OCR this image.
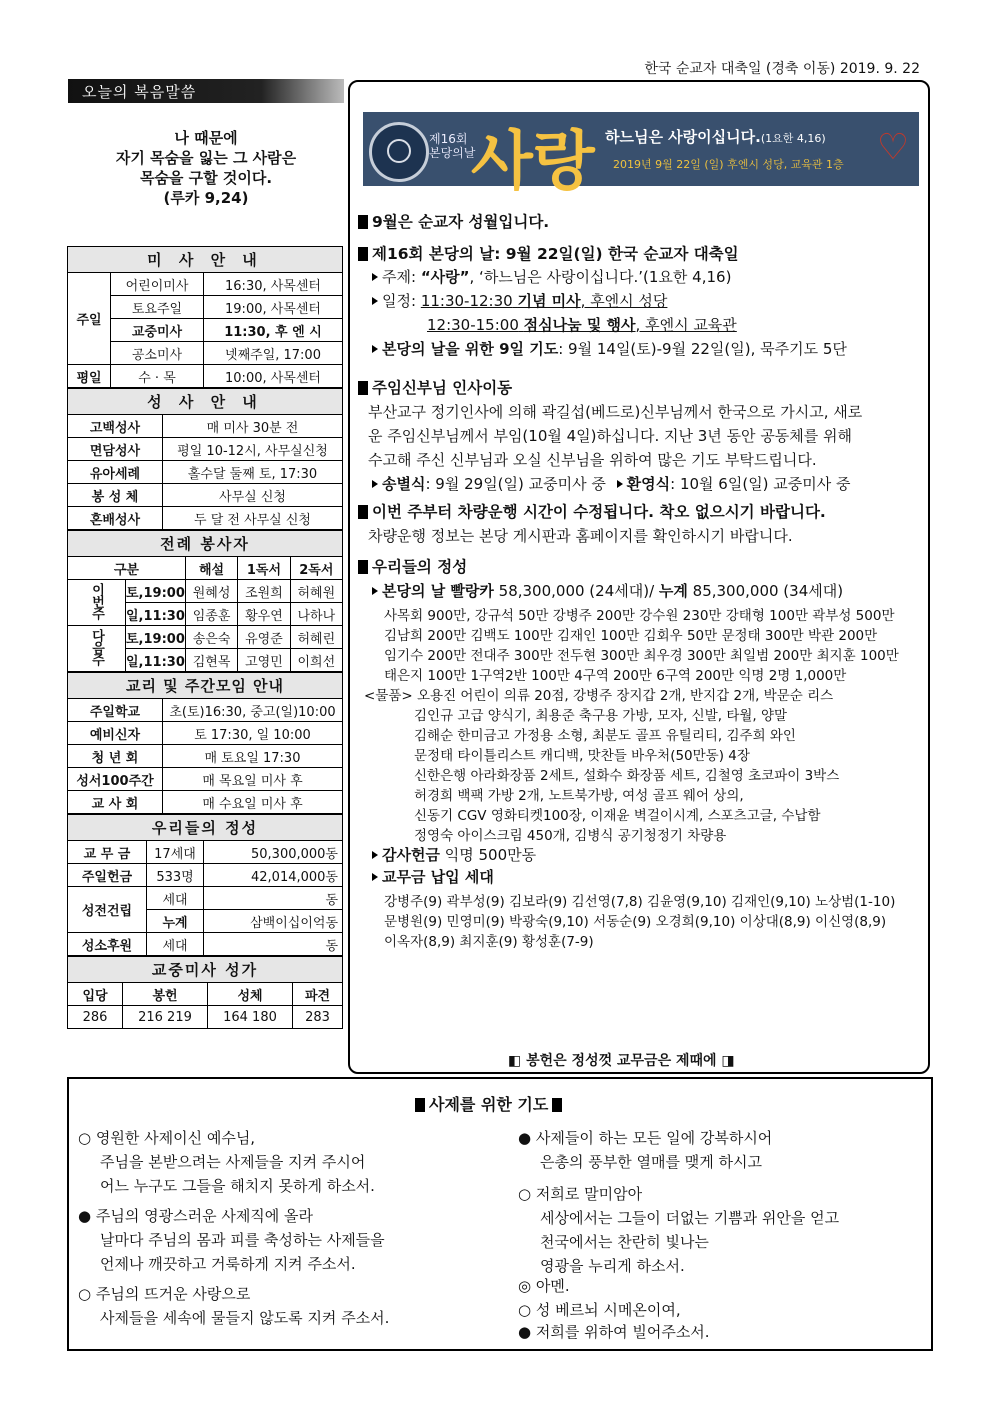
한국 순교자 대축일 (경축 이동) 2019. 9. 22
오늘의 복음말씀
나 때문에
자기 목숨을 잃는 그 사람은
목숨을 구할 것이다.
(루카 9,24)
미 사 안 내		
주일	어린이미사	16:30, 사목센터
	토요주일	19:00, 사목센터
	교중미사	11:30, 후 엔 시
	공소미사	넷째주일, 17:00
평일	수 · 목	10:00, 사목센터
성 사 안 내	
고백성사	매 미사 30분 전
면담성사	평일 10-12시, 사무실신청
유아세례	홀수달 둘째 토, 17:30
봉 성 체	사무실 신청
혼배성사	두 달 전 사무실 신청
전례 봉사자				
구분		해설	1독서	2독서
이번주	토,19:00	원혜성	조원희	허혜원
	일,11:30	임종훈	황우연	나하나
다음주	토,19:00	송은숙	유영준	허혜린
	일,11:30	김현목	고영민	이희선
교리 및 주간모임 안내	
주일학교	초(토)16:30, 중고(일)10:00
예비신자	토 17:30, 일 10:00
청 년 회	매 토요일 17:30
성서100주간	매 목요일 미사 후
교 사 회	매 수요일 미사 후
우리들의 정성		
교 무 금	17세대	50,300,000동
주일헌금	533명	42,014,000동
성전건립	세대	동
	누계	삼백이십이억동
성소후원	세대	동
교중미사 성가			
입당	봉헌	성체	파견
286	216 219	164 180	283
제16회
본당의날
사랑 하느님은 사랑이십니다.(1요한 4,16)
2019년 9월 22일 (일) 후엔시 성당, 교육관 1층 ♡
9월은 순교자 성월입니다.
제16회 본당의 날: 9월 22일(일) 한국 순교자 대축일
주제: “사랑”, ‘하느님은 사랑이십니다.’(1요한 4,16)
일정: 11:30-12:30 기념 미사, 후엔시 성당
12:30-15:00 점심나눔 및 행사, 후엔시 교육관
본당의 날을 위한 9일 기도: 9월 14일(토)-9월 22일(일), 묵주기도 5단
주임신부님 인사이동
부산교구 정기인사에 의해 곽길섭(베드로)신부님께서 한국으로 가시고, 새로
운 주임신부님께서 부임(10월 4일)하십니다. 지난 3년 동안 공동체를 위해
수고해 주신 신부님과 오실 신부님을 위하여 많은 기도 부탁드립니다.
송별식: 9월 29일(일) 교중미사 중 환영식: 10월 6일(일) 교중미사 중
이번 주부터 차량운행 시간이 수정됩니다. 착오 없으시기 바랍니다.
차량운행 정보는 본당 게시판과 홈페이지를 확인하시기 바랍니다.
우리들의 정성
본당의 날 빨랑카 58,300,000 (24세대)/ 누계 85,300,000 (34세대)
사목회 900만, 강규석 50만 강병주 200만 강수원 230만 강태형 100만 곽부성 500만
김남희 200만 김백도 100만 김재인 100만 김회우 50만 문정태 300만 박관 200만
임기수 200만 전대주 300만 전두현 300만 최우경 300만 최일범 200만 최지훈 100만
태은지 100만 1구역2반 100만 4구역 200만 6구역 200만 익명 2명 1,000만
<물품> 오용진 어린이 의류 20점, 강병주 장지갑 2개, 반지갑 2개, 박문순 리스
김인규 고급 양식기, 최용준 축구용 가방, 모자, 신발, 타월, 양말
김해순 한미금고 가정용 소형, 최분도 골프 유틸리티, 김주희 와인
문정태 타이틀리스트 캐디백, 맛찬들 바우처(50만동) 4장
신한은행 아라화장품 2세트, 설화수 화장품 세트, 김철영 초코파이 3박스
허경희 백팩 가방 2개, 노트북가방, 여성 골프 웨어 상의,
신동기 CGV 영화티켓100장, 이재윤 벽걸이시계, 스포츠고글, 수납함
정영숙 아이스크림 450개, 김병식 공기청정기 차량용
감사헌금 익명 500만동
교무금 납입 세대
강병주(9) 곽부성(9) 김보라(9) 김선영(7,8) 김윤영(9,10) 김재인(9,10) 노상범(1-10)
문병원(9) 민영미(9) 박광숙(9,10) 서동순(9) 오경희(9,10) 이상대(8,9) 이신영(8,9)
이옥자(8,9) 최지훈(9) 황성훈(7-9)
◧ 봉헌은 정성껏 교무금은 제때에 ◨
사제를 위한 기도
○ 영원한 사제이신 예수님,
주님을 본받으려는 사제들을 지켜 주시어
어느 누구도 그들을 해치지 못하게 하소서.
● 주님의 영광스러운 사제직에 올라
날마다 주님의 몸과 피를 축성하는 사제들을
언제나 깨끗하고 거룩하게 지켜 주소서.
○ 주님의 뜨거운 사랑으로
사제들을 세속에 물들지 않도록 지켜 주소서.
● 사제들이 하는 모든 일에 강복하시어
은총의 풍부한 열매를 맺게 하시고
○ 저희로 말미암아
세상에서는 그들이 더없는 기쁨과 위안을 얻고
천국에서는 찬란히 빛나는
영광을 누리게 하소서.
◎ 아멘.
○ 성 베르뇌 시메온이여,
● 저희를 위하여 빌어주소서.
